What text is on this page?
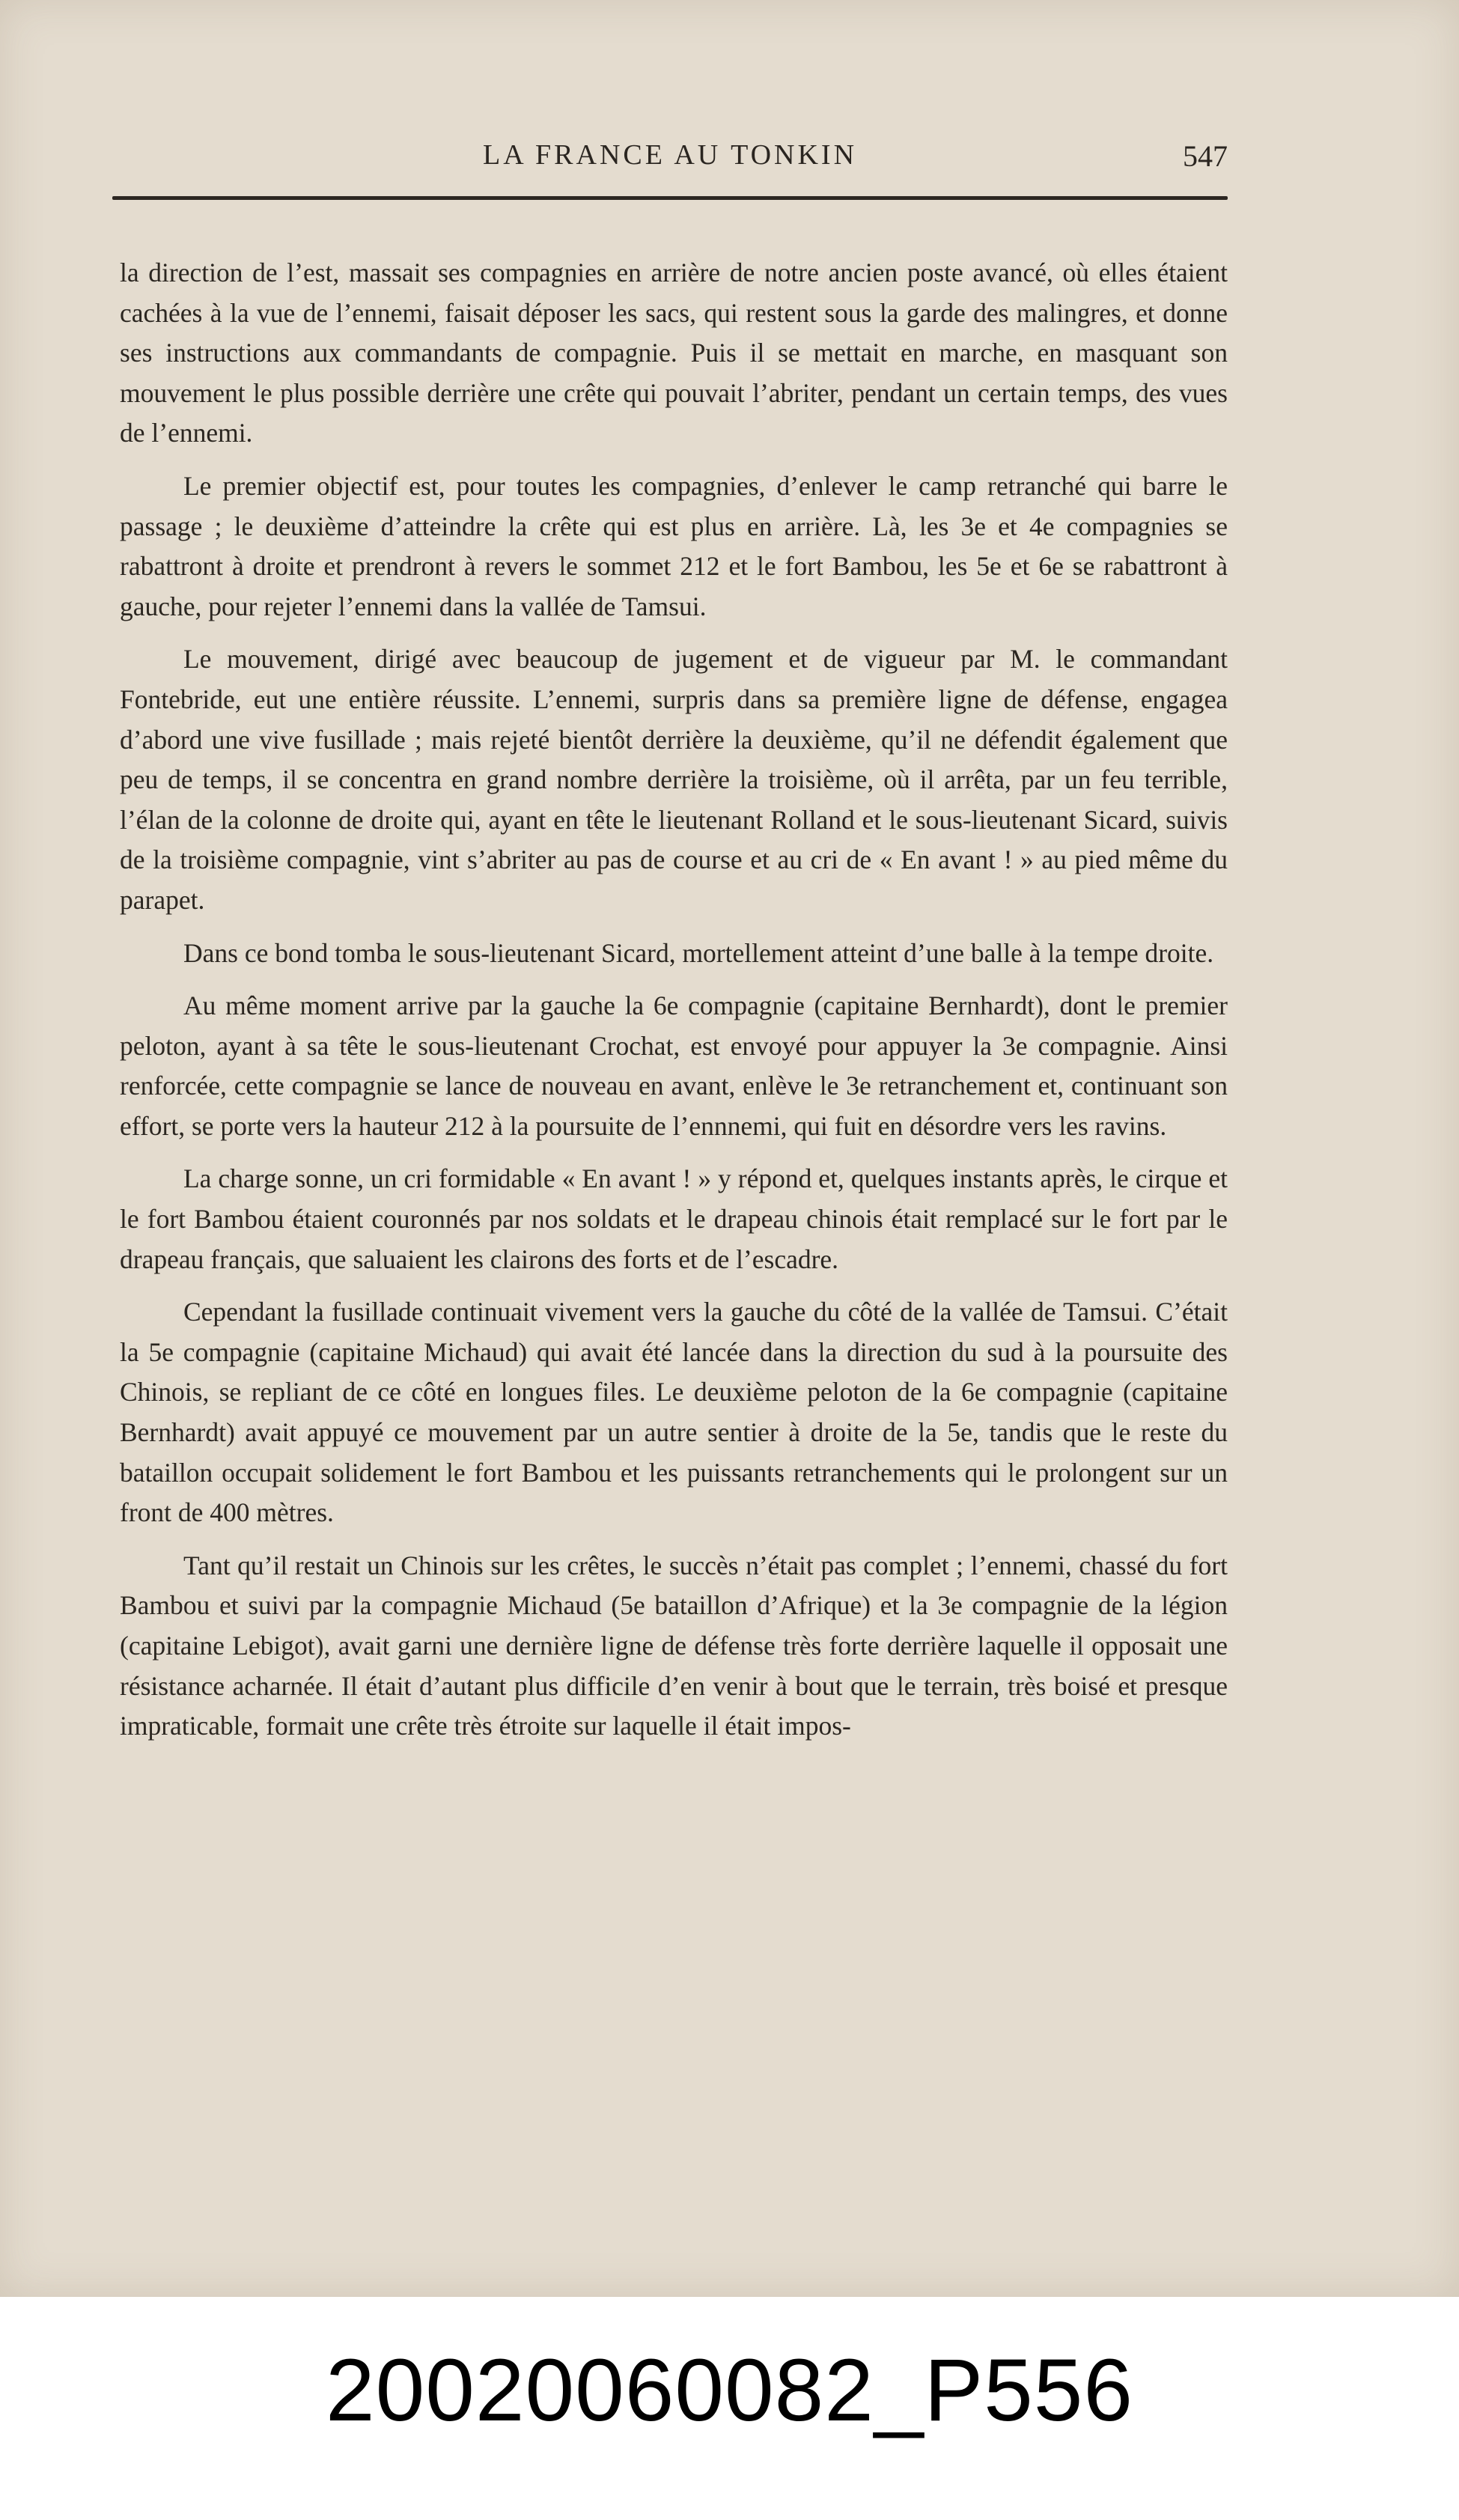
LA FRANCE AU TONKIN	547

la direction de l’est, massait ses compagnies en arrière de notre ancien poste avancé, où elles étaient cachées à la vue de l’ennemi, faisait déposer les sacs, qui restent sous la garde des malingres, et donne ses instructions aux commandants de compagnie. Puis il se mettait en marche, en masquant son mouvement le plus possible derrière une crête qui pouvait l’abriter, pendant un certain temps, des vues de l’ennemi.

Le premier objectif est, pour toutes les compagnies, d’enlever le camp retranché qui barre le passage ; le deuxième d’atteindre la crête qui est plus en arrière. Là, les 3e et 4e compagnies se rabattront à droite et prendront à revers le sommet 212 et le fort Bambou, les 5e et 6e se rabattront à gauche, pour rejeter l’ennemi dans la vallée de Tamsui.

Le mouvement, dirigé avec beaucoup de jugement et de vigueur par M. le commandant Fontebride, eut une entière réussite. L’ennemi, surpris dans sa première ligne de défense, engagea d’abord une vive fusillade ; mais rejeté bientôt derrière la deuxième, qu’il ne défendit également que peu de temps, il se concentra en grand nombre derrière la troisième, où il arrêta, par un feu terrible, l’élan de la colonne de droite qui, ayant en tête le lieutenant Rolland et le sous-lieutenant Sicard, suivis de la troisième compagnie, vint s’abriter au pas de course et au cri de « En avant ! » au pied même du parapet.

Dans ce bond tomba le sous-lieutenant Sicard, mortellement atteint d’une balle à la tempe droite.

Au même moment arrive par la gauche la 6e compagnie (capitaine Bernhardt), dont le premier peloton, ayant à sa tête le sous-lieutenant Crochat, est envoyé pour appuyer la 3e compagnie. Ainsi renforcée, cette compagnie se lance de nouveau en avant, enlève le 3e retranchement et, continuant son effort, se porte vers la hauteur 212 à la poursuite de l’ennnemi, qui fuit en désordre vers les ravins.

La charge sonne, un cri formidable « En avant ! » y répond et, quelques instants après, le cirque et le fort Bambou étaient couronnés par nos soldats et le drapeau chinois était remplacé sur le fort par le drapeau français, que saluaient les clairons des forts et de l’escadre.

Cependant la fusillade continuait vivement vers la gauche du côté de la vallée de Tamsui. C’était la 5e compagnie (capitaine Michaud) qui avait été lancée dans la direction du sud à la poursuite des Chinois, se repliant de ce côté en longues files. Le deuxième peloton de la 6e compagnie (capitaine Bernhardt) avait appuyé ce mouvement par un autre sentier à droite de la 5e, tandis que le reste du bataillon occupait solidement le fort Bambou et les puissants retranchements qui le prolongent sur un front de 400 mètres.

Tant qu’il restait un Chinois sur les crêtes, le succès n’était pas complet ; l’ennemi, chassé du fort Bambou et suivi par la compagnie Michaud (5e bataillon d’Afrique) et la 3e compagnie de la légion (capitaine Lebigot), avait garni une dernière ligne de défense très forte derrière laquelle il opposait une résistance acharnée. Il était d’autant plus difficile d’en venir à bout que le terrain, très boisé et presque impraticable, formait une crête très étroite sur laquelle il était impos-

20020060082_P556
